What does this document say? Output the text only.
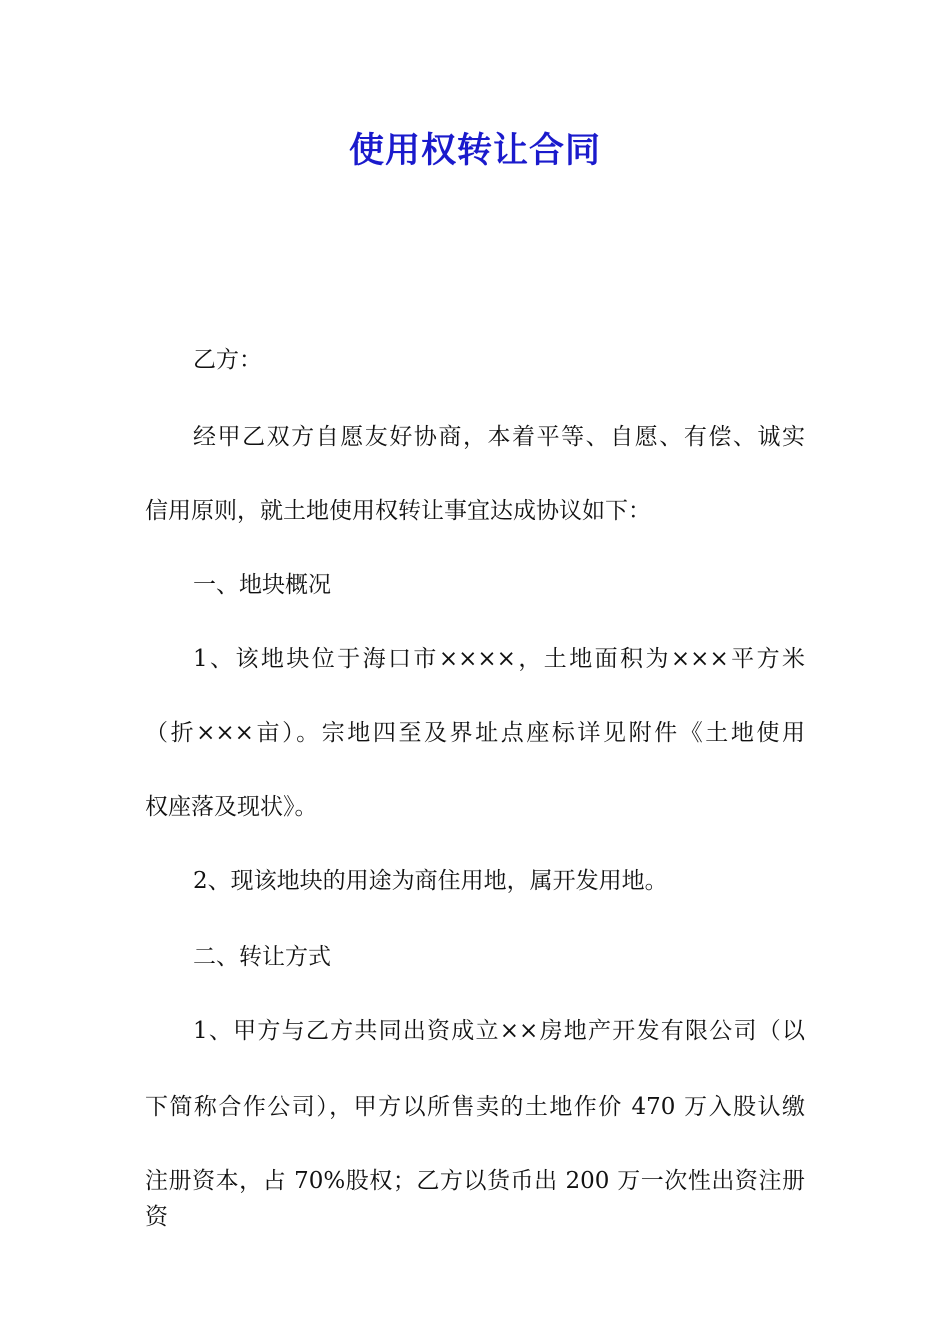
使用权转让合同
乙方：
经甲乙双方自愿友好协商，本着平等、自愿、有偿、诚实
信用原则，就土地使用权转让事宜达成协议如下：
一、地块概况
1、该地块位于海口市××××，土地面积为×××平方米
（折×××亩）。宗地四至及界址点座标详见附件《土地使用
权座落及现状》。
2、现该地块的用途为商住用地，属开发用地。
二、转让方式
1、甲方与乙方共同出资成立××房地产开发有限公司（以
下简称合作公司），甲方以所售卖的土地作价 470 万入股认缴
注册资本，占 70%股权；乙方以货币出 200 万一次性出资注册资
